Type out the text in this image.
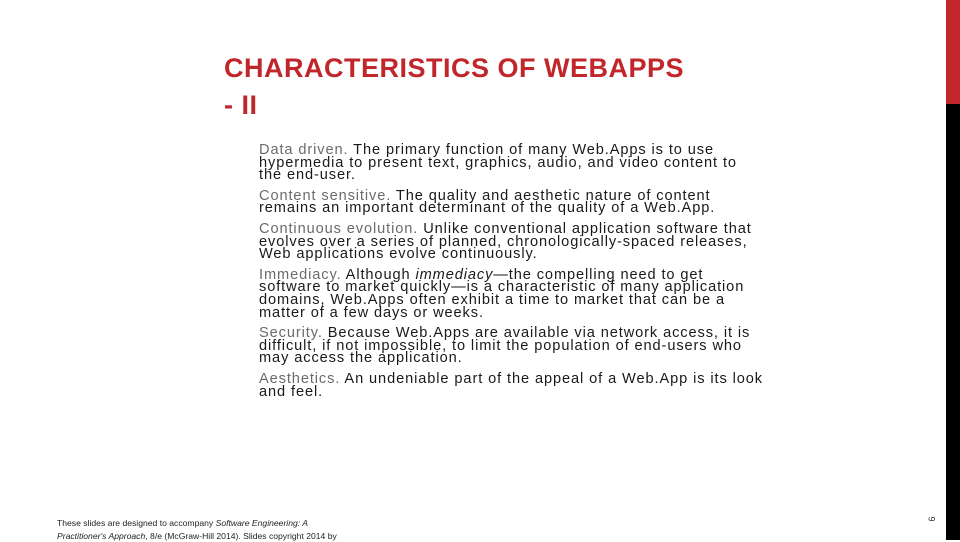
CHARACTERISTICS OF WEBAPPS
- II
Data driven. The primary function of many Web.Apps is to use
hypermedia to present text, graphics, audio, and video content to
the end-user.
Content sensitive. The quality and aesthetic nature of content
remains an important determinant of the quality of a Web.App.
Continuous evolution. Unlike conventional application software that
evolves over a series of planned, chronologically-spaced releases,
Web applications evolve continuously.
Immediacy. Although immediacy—the compelling need to get
software to market quickly—is a characteristic of many application
domains, Web.Apps often exhibit a time to market that can be a
matter of a few days or weeks.
Security. Because Web.Apps are available via network access, it is
difficult, if not impossible, to limit the population of end-users who
may access the application.
Aesthetics. An undeniable part of the appeal of a Web.App is its look
and feel.
These slides are designed to accompany Software Engineering: A
Practitioner's Approach, 8/e (McGraw-Hill 2014). Slides copyright 2014 by
6
